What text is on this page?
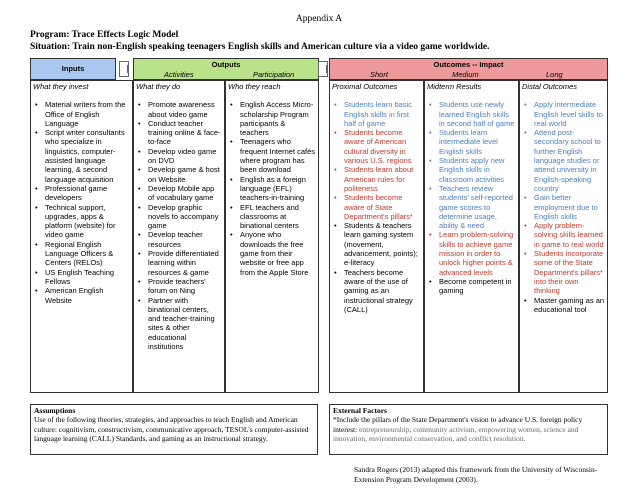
Appendix A
Program: Trace Effects Logic Model
Situation: Train non-English speaking teenagers English skills and American culture via a video game worldwide.
Inputs	Outputs
Activities	Participation
Outcomes -- Impact
Short	Medium	Long
What they invest
• Material writers from the Office of English Language
• Script writer consultants who specialize in linguistics, computer-assisted language learning, & second language acquisition
• Professional game developers
• Technical support, upgrades, apps & platform (website) for video game
• Regional English Language Officers & Centers (RELOs)
• US English Teaching Fellows
• American English Website
What they do
• Promote awareness about video game
• Conduct teacher training online & face-to-face
• Develop video game on DVD
• Develop game & host on Website
• Develop Mobile app of vocabulary game
• Develop graphic novels to accompany game
• Develop teacher resources
• Provide differentiated learning within resources & game
• Provide teachers' forum on Ning
• Partner with binational centers, and teacher-training sites & other educational institutions
Who they reach
• English Access Micro-scholarship Program participants & teachers
• Teenagers who frequent Internet cafés where program has been download
• English as a foreign language (EFL) teachers-in-training
• EFL teachers and classrooms at binational centers
• Anyone who downloads the free game from their website or free app from the Apple Store
Proximal Outcomes
• Students learn basic English skills in first half of game
• Students become aware of American cultural diversity in various U.S. regions
• Students learn about American rules for politeness
• Students become aware of State Department's pillars*
• Students & teachers learn gaming system (movement, advancement, points); e-literacy
• Teachers become aware of the use of gaming as an instructional strategy (CALL)
Midterm Results
• Students use newly learned English skills in second half of game
• Students learn intermediate level English skills
• Students apply new English skills in classroom activities
• Teachers review students' self-reported game scores to determine usage, ability & need
• Learn problem-solving skills to achieve game mission in order to unlock higher points & advanced levels
• Become competent in gaming
Distal Outcomes
• Apply intermediate English level skills to real world
• Attend post-secondary school to further English language studies or attend university in English-speaking country
• Gain better employment due to English skills
• Apply problem-solving skills learned in game to real world
• Students incorporate some of the State Department's pillars* into their own thinking
• Master gaming as an educational tool
Assumptions
Use of the following theories, strategies, and approaches to teach English and American culture: cognitivism, constructivism, communicative approach, TESOL's computer-assisted language learning (CALL) Standards, and gaming as an instructional strategy.
External Factors
*Include the pillars of the State Department's vision to advance U.S. foreign policy interest: entrepreneurship, community activism, empowering women, science and innovation, environmental conservation, and conflict resolution.
Sandra Rogers (2013) adapted this framework from the University of Wisconsin-Extension Program Development (2003).
